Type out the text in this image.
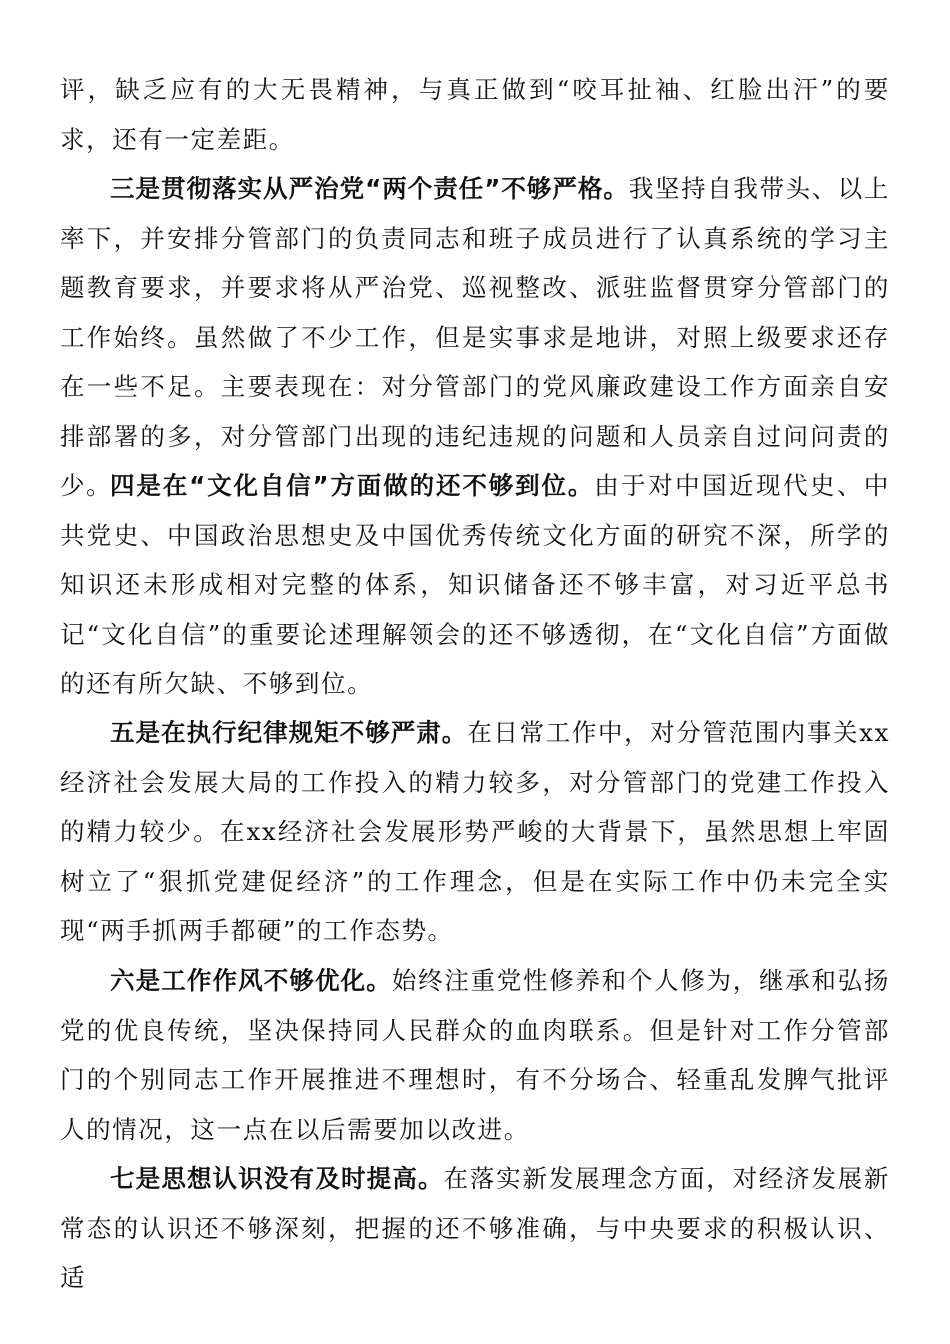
评，缺乏应有的大无畏精神，与真正做到“咬耳扯袖、红脸出汗”的要求，还有一定差距。

三是贯彻落实从严治党“两个责任”不够严格。我坚持自我带头、以上率下，并安排分管部门的负责同志和班子成员进行了认真系统的学习主题教育要求，并要求将从严治党、巡视整改、派驻监督贯穿分管部门的工作始终。虽然做了不少工作，但是实事求是地讲，对照上级要求还存在一些不足。主要表现在：对分管部门的党风廉政建设工作方面亲自安排部署的多，对分管部门出现的违纪违规的问题和人员亲自过问问责的少。

四是在“文化自信”方面做的还不够到位。由于对中国近现代史、中共党史、中国政治思想史及中国优秀传统文化方面的研究不深，所学的知识还未形成相对完整的体系，知识储备还不够丰富，对习近平总书记“文化自信”的重要论述理解领会的还不够透彻，在“文化自信”方面做的还有所欠缺、不够到位。

五是在执行纪律规矩不够严肃。在日常工作中，对分管范围内事关xx经济社会发展大局的工作投入的精力较多，对分管部门的党建工作投入的精力较少。在xx经济社会发展形势严峻的大背景下，虽然思想上牢固树立了“狠抓党建促经济”的工作理念，但是在实际工作中仍未完全实现“两手抓两手都硬”的工作态势。

六是工作作风不够优化。始终注重党性修养和个人修为，继承和弘扬党的优良传统，坚决保持同人民群众的血肉联系。但是针对工作分管部门的个别同志工作开展推进不理想时，有不分场合、轻重乱发脾气批评人的情况，这一点在以后需要加以改进。

七是思想认识没有及时提高。在落实新发展理念方面，对经济发展新常态的认识还不够深刻，把握的还不够准确，与中央要求的积极认识、适
